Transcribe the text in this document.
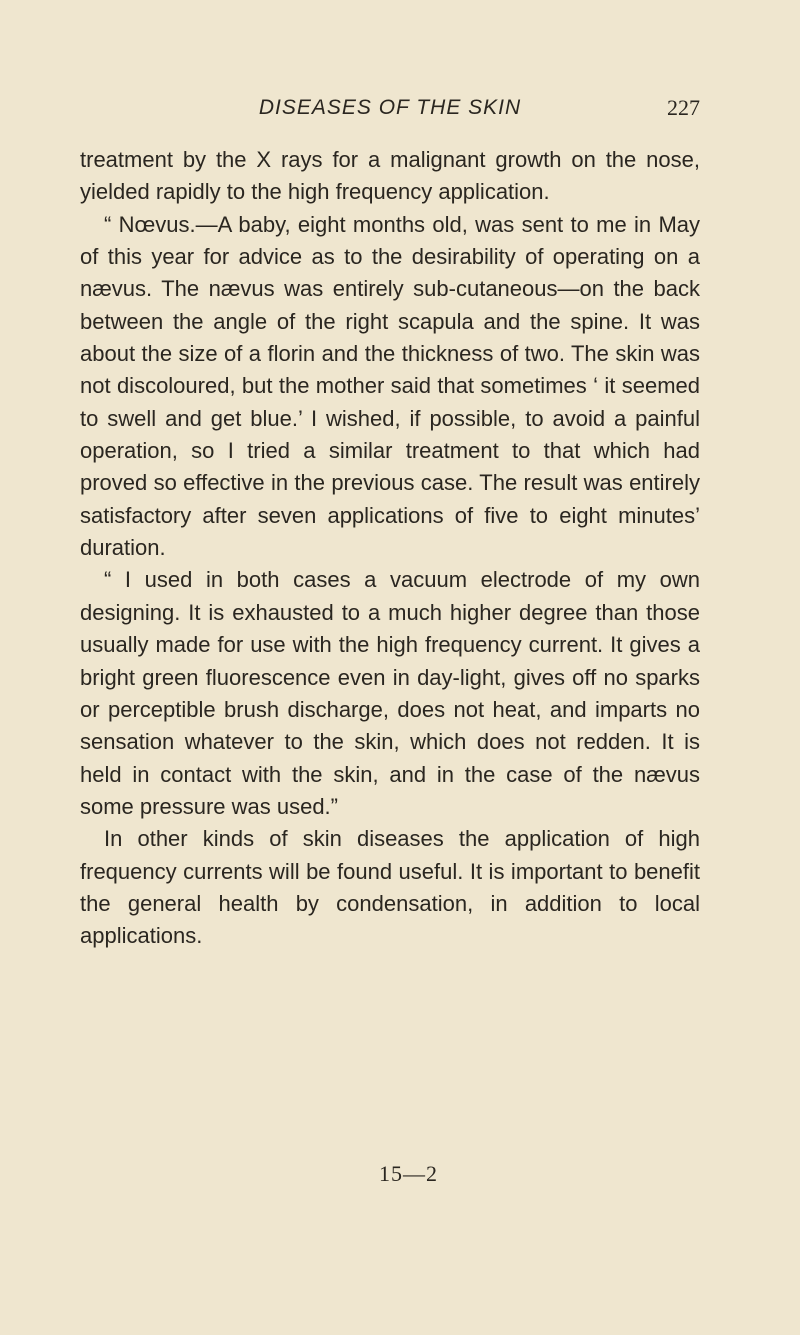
DISEASES OF THE SKIN	227

treatment by the X rays for a malignant growth on the nose, yielded rapidly to the high frequency application.

“ Nœvus.—A baby, eight months old, was sent to me in May of this year for advice as to the desirability of operating on a nævus. The nævus was entirely sub-cutaneous—on the back between the angle of the right scapula and the spine. It was about the size of a florin and the thickness of two. The skin was not discoloured, but the mother said that sometimes ‘ it seemed to swell and get blue.’ I wished, if possible, to avoid a painful operation, so I tried a similar treatment to that which had proved so effective in the previous case. The result was entirely satisfactory after seven applications of five to eight minutes’ duration.

“ I used in both cases a vacuum electrode of my own designing. It is exhausted to a much higher degree than those usually made for use with the high frequency current. It gives a bright green fluorescence even in day-light, gives off no sparks or perceptible brush discharge, does not heat, and imparts no sensation whatever to the skin, which does not redden. It is held in contact with the skin, and in the case of the nævus some pressure was used.”

In other kinds of skin diseases the application of high frequency currents will be found useful. It is important to benefit the general health by condensation, in addition to local applications.

15—2
